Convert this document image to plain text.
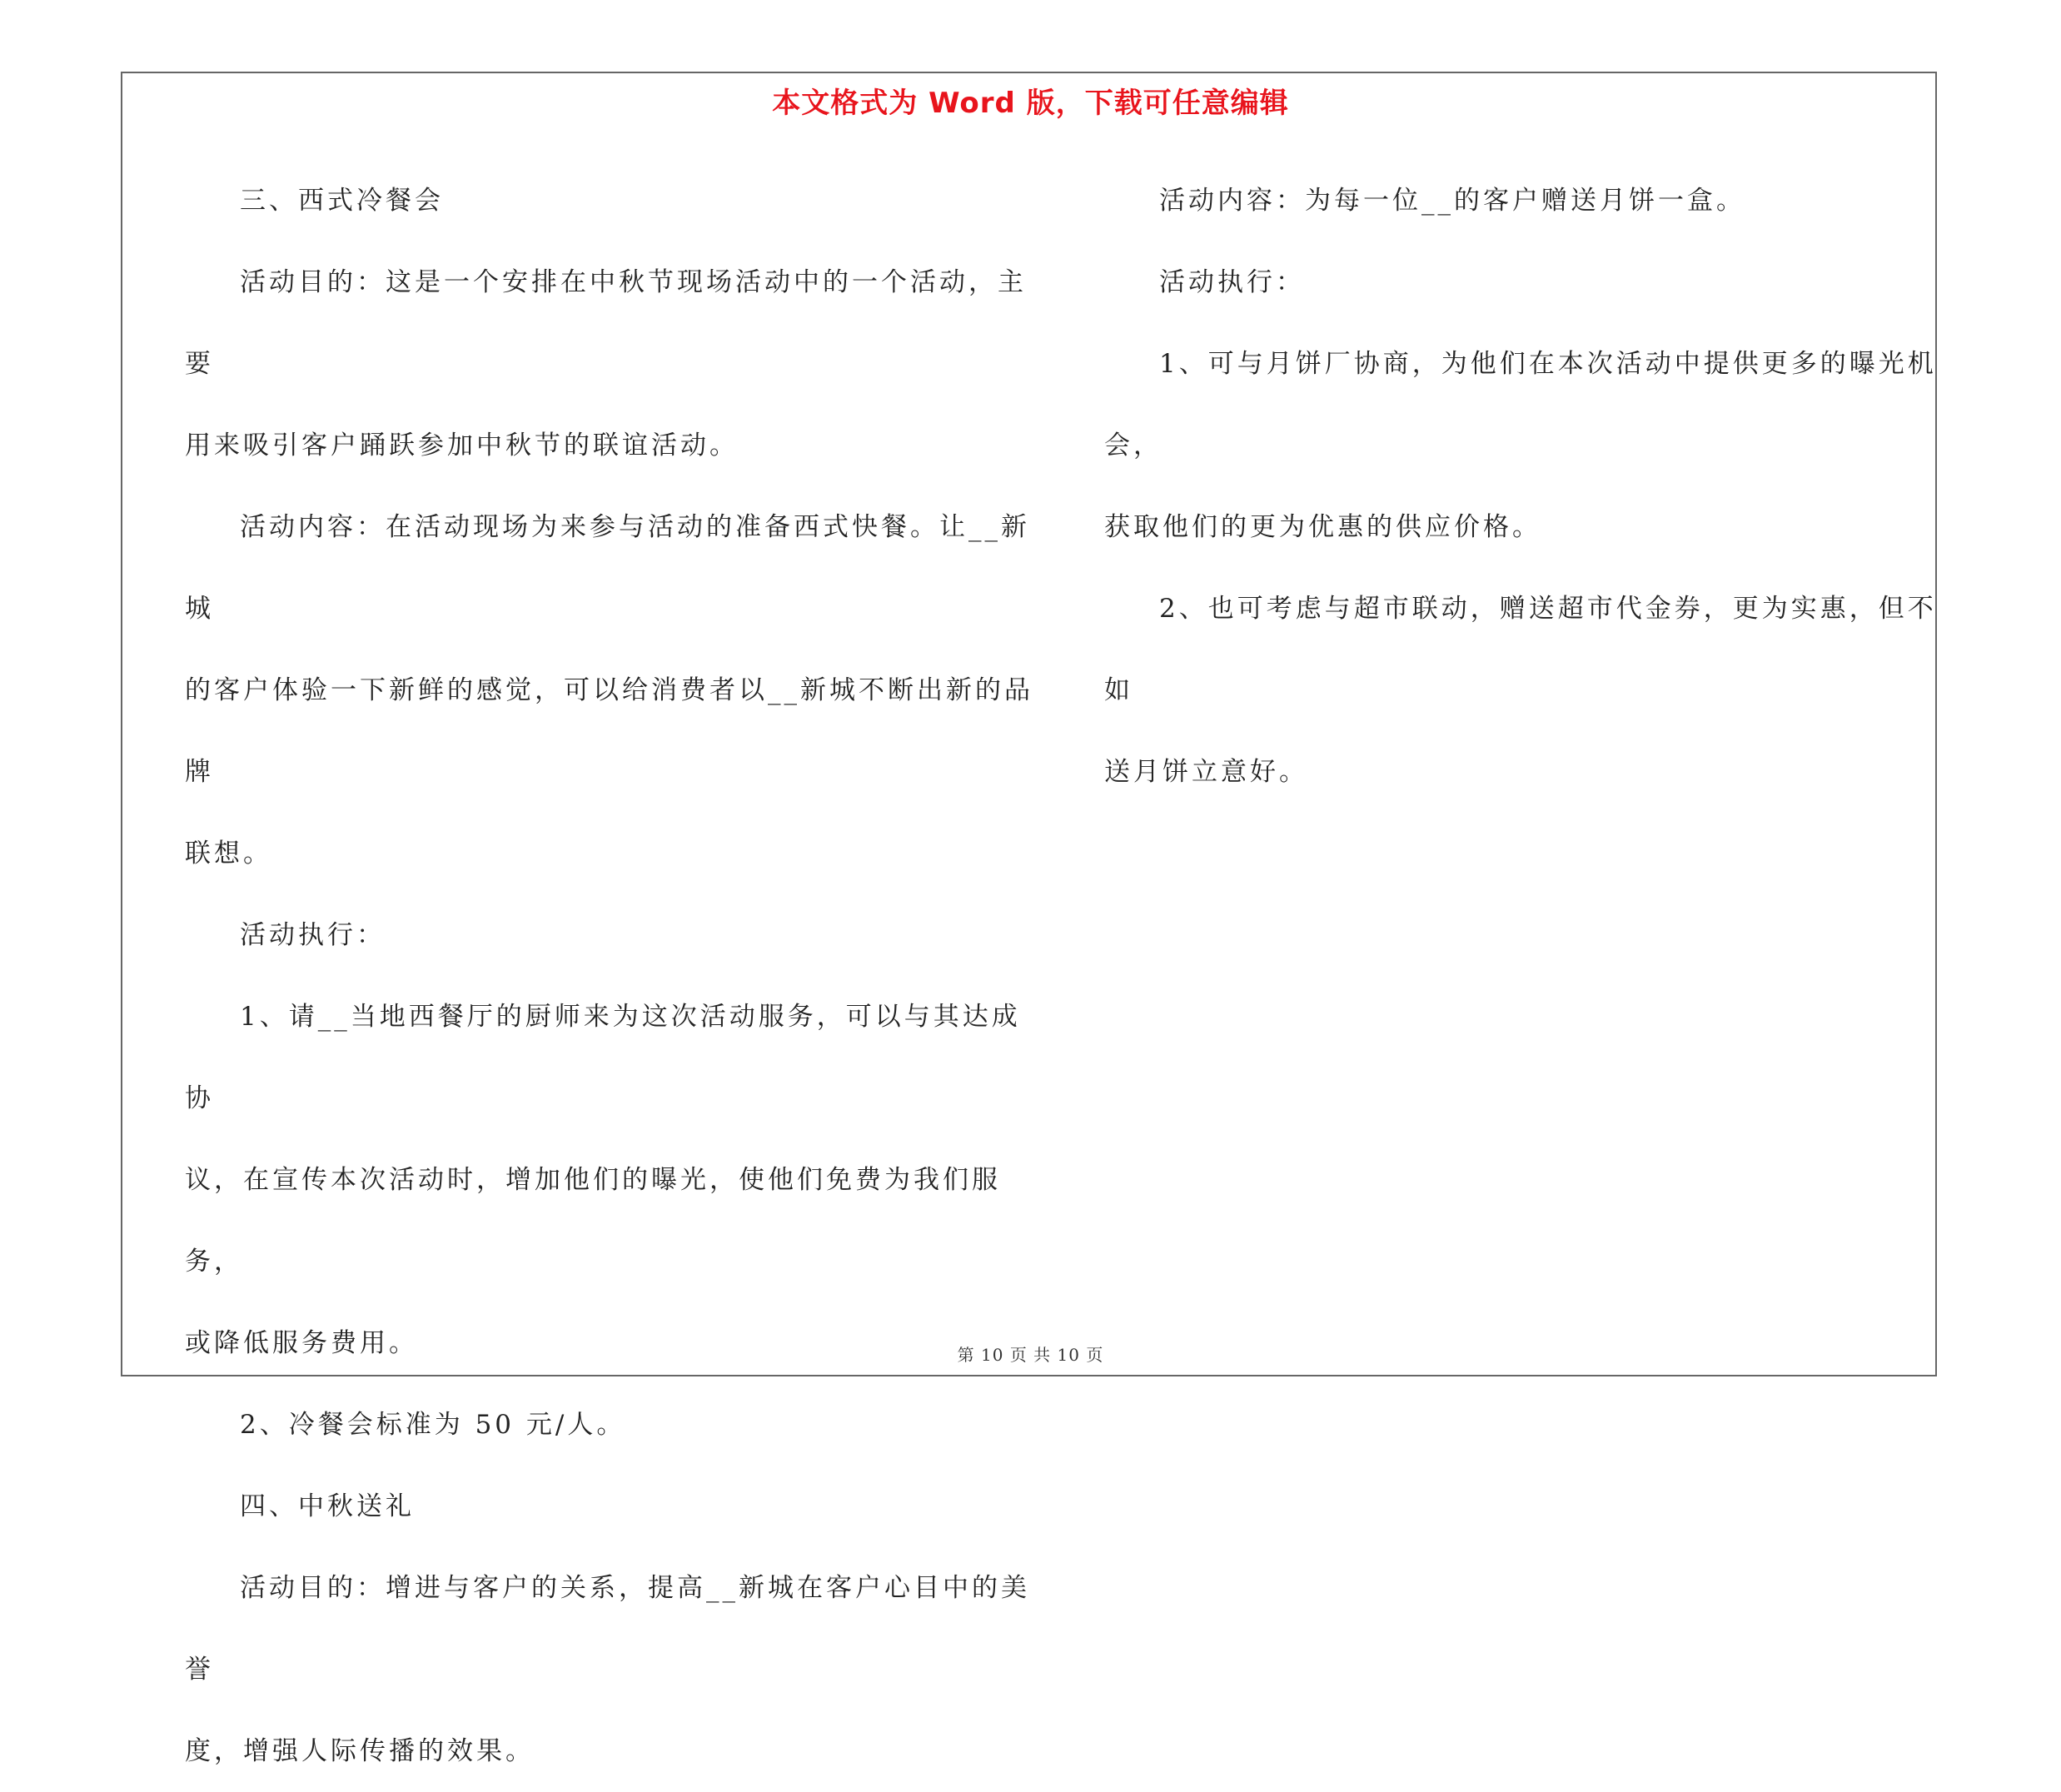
本文格式为 Word 版，下载可任意编辑
三、西式冷餐会
活动目的：这是一个安排在中秋节现场活动中的一个活动，主要
用来吸引客户踊跃参加中秋节的联谊活动。
活动内容：在活动现场为来参与活动的准备西式快餐。让__新城
的客户体验一下新鲜的感觉，可以给消费者以__新城不断出新的品牌
联想。
活动执行：
1、请__当地西餐厅的厨师来为这次活动服务，可以与其达成协
议，在宣传本次活动时，增加他们的曝光，使他们免费为我们服务，
或降低服务费用。
2、冷餐会标准为 50 元/人。
四、中秋送礼
活动目的：增进与客户的关系，提高__新城在客户心目中的美誉
度，增强人际传播的效果。
活动内容：为每一位__的客户赠送月饼一盒。
活动执行：
1、可与月饼厂协商，为他们在本次活动中提供更多的曝光机会，
获取他们的更为优惠的供应价格。
2、也可考虑与超市联动，赠送超市代金券，更为实惠，但不如
送月饼立意好。
第 10 页 共 10 页
